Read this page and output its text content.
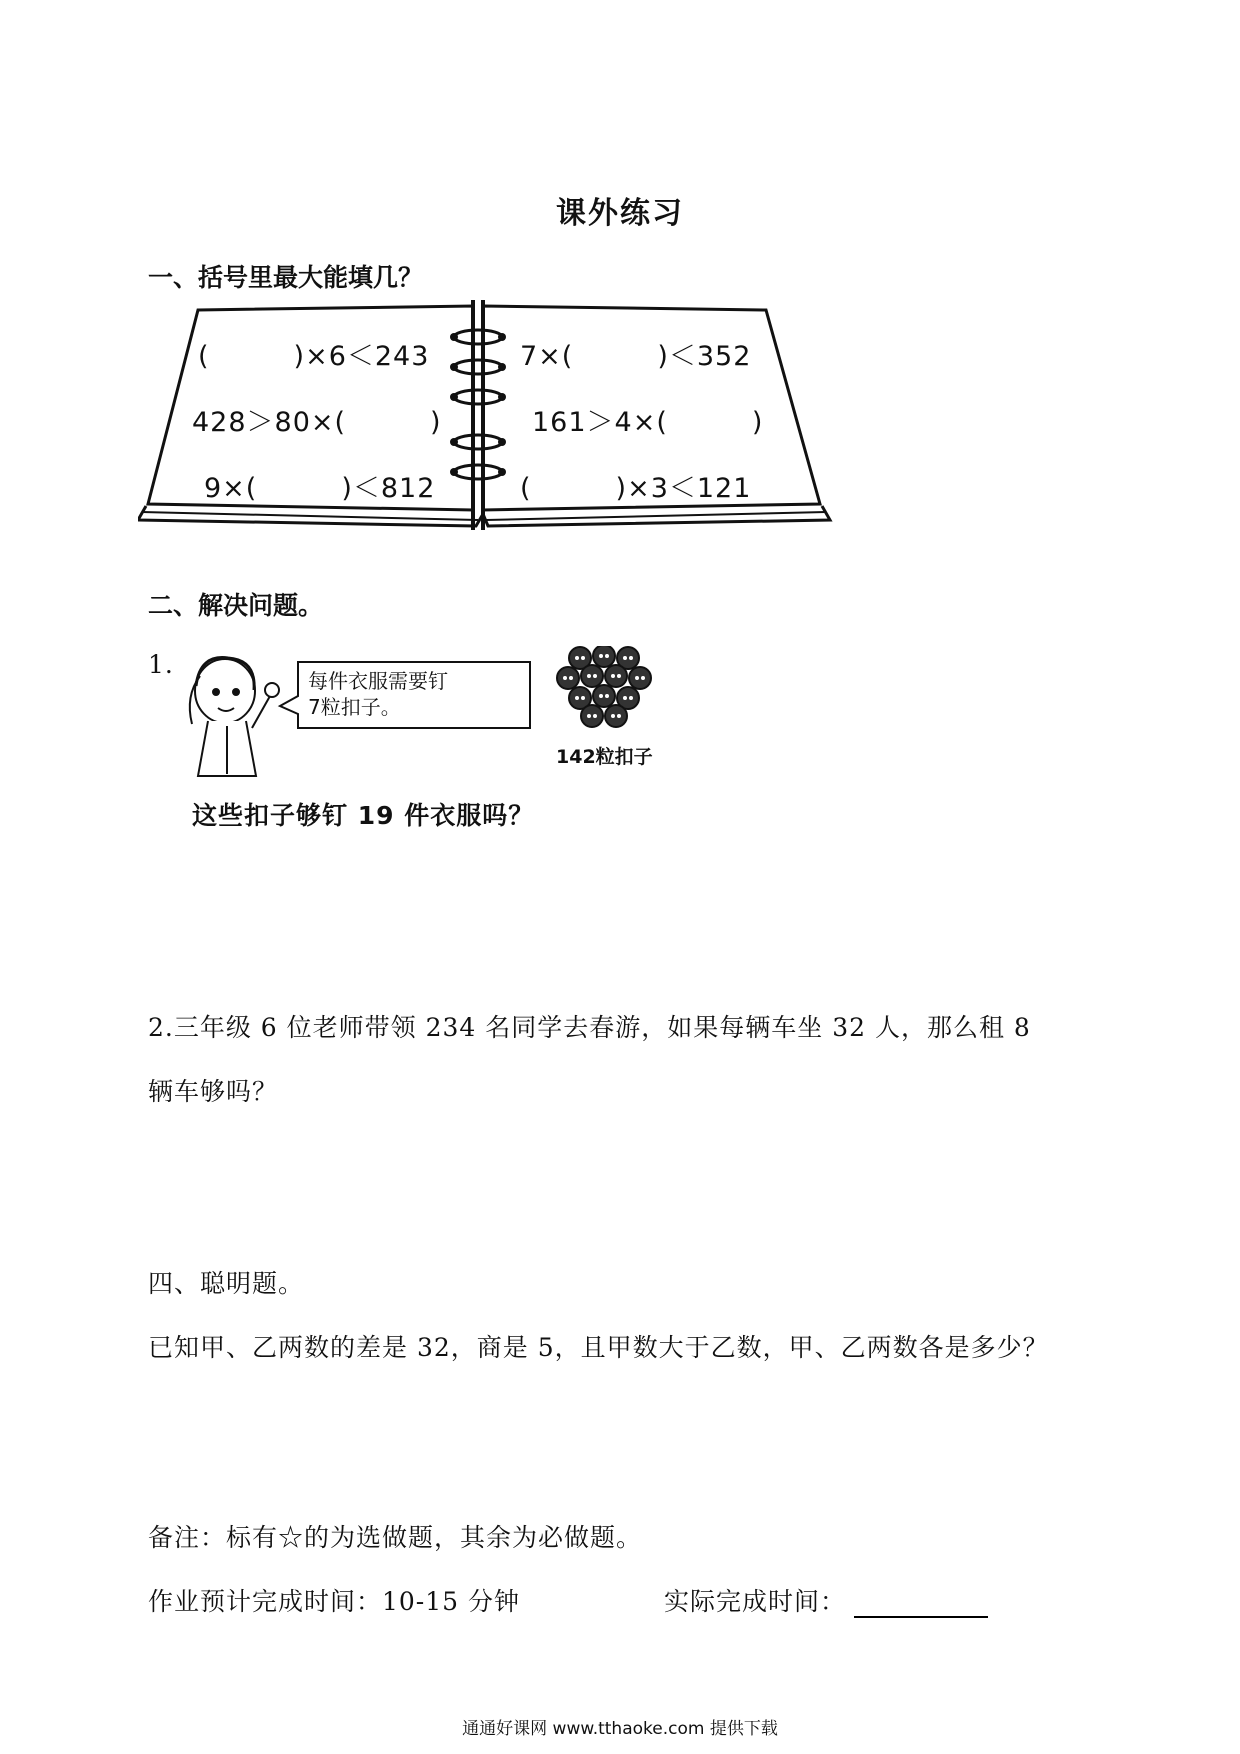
课外练习
一、括号里最大能填几？
(　　　)×6＜243
428＞80×(　　　)
9×(　　　)＜812
7×(　　　)＜352
161＞4×(　　　)
(　　　)×3＜121
二、解决问题。
1.
每件衣服需要钉
7粒扣子。
142粒扣子
这些扣子够钉 19 件衣服吗？
2.三年级 6 位老师带领 234 名同学去春游，如果每辆车坐 32 人，那么租 8
辆车够吗？
四、聪明题。
已知甲、乙两数的差是 32，商是 5，且甲数大于乙数，甲、乙两数各是多少？
备注：标有☆的为选做题，其余为必做题。
作业预计完成时间：10-15 分钟	实际完成时间：
通通好课网 www.tthaoke.com 提供下载
